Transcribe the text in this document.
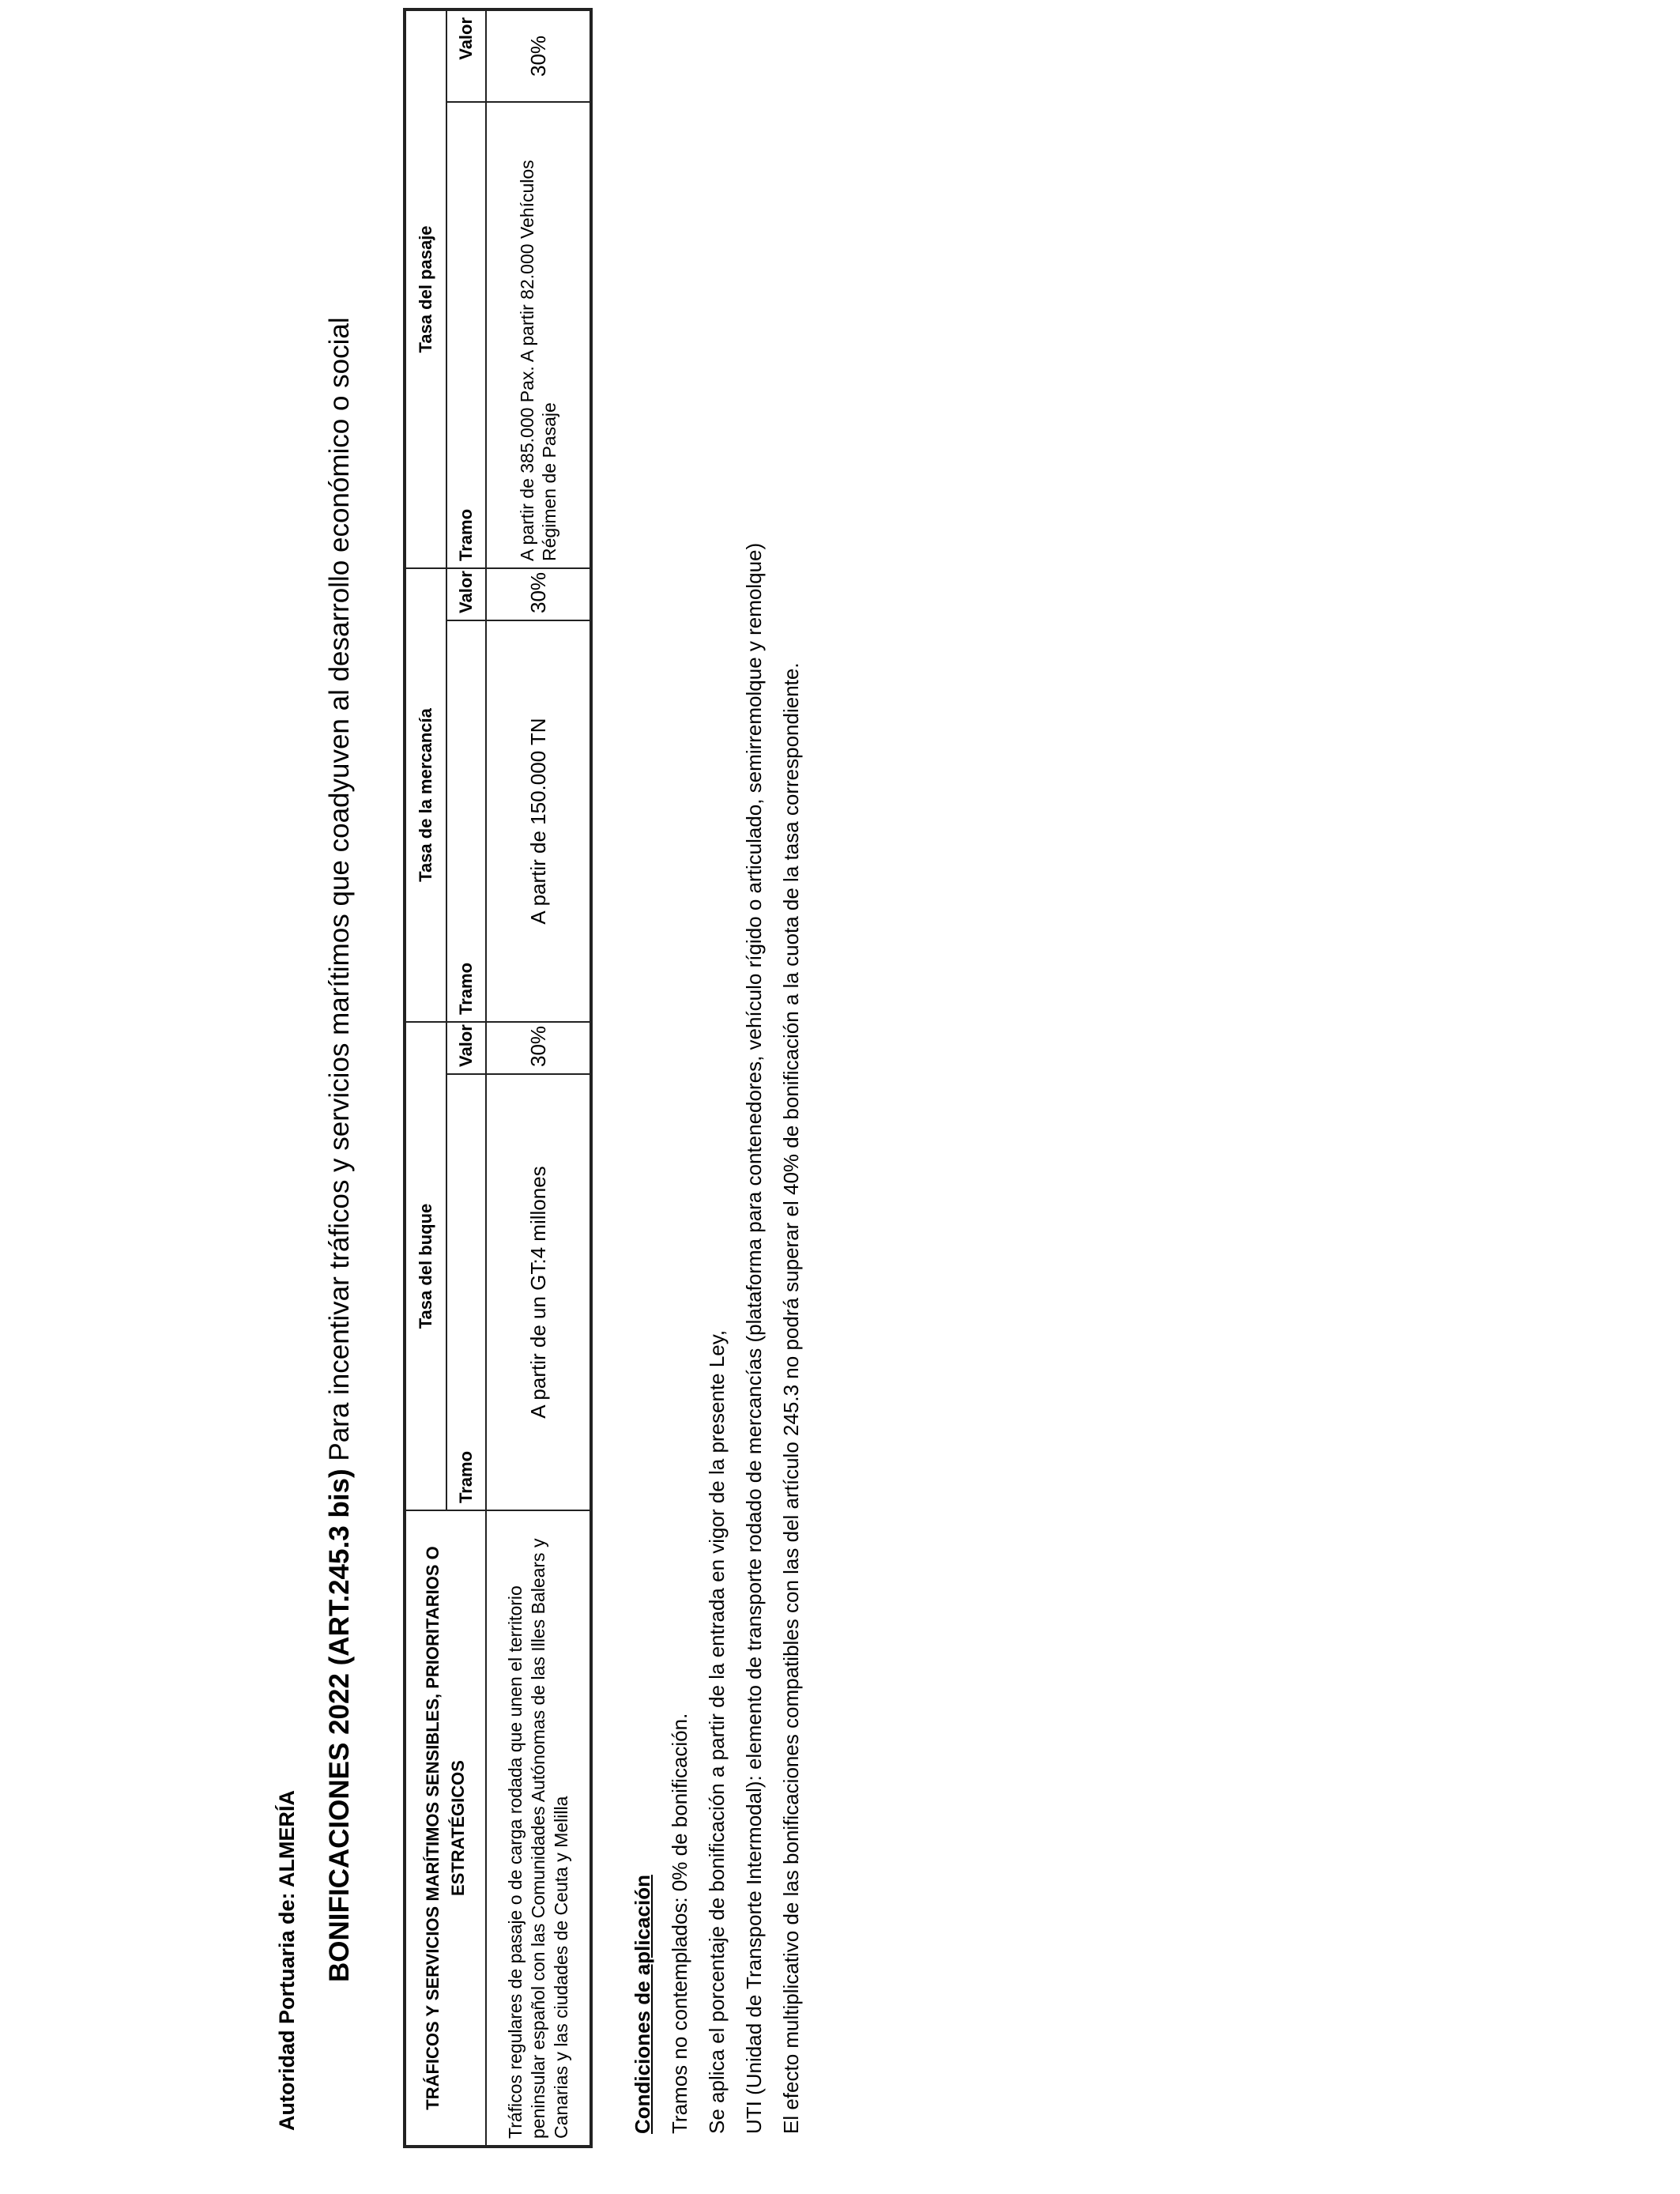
Autoridad Portuaria de: ALMERÍA BONIFICACIONES 2022 (ART.245.3 bis) Para incentivar tráficos y servicios marítimos que coadyuven al desarrollo económico o social
TRÁFICOS Y SERVICIOS MARÍTIMOS SENSIBLES, PRIORITARIOS O ESTRATÉGICOS	Tasa del buque		Tasa de la mercancía		Tasa del pasaje	
	Tramo	Valor	Tramo	Valor	Tramo	Valor
Tráficos regulares de pasaje o de carga rodada que unen el territorio peninsular español con las Comunidades Autónomas de las Illes Balears y Canarias y las ciudades de Ceuta y Melilla	A partir de un GT:4 millones	30%	A partir de 150.000 TN	30%	A partir de 385.000 Pax. A partir 82.000 Vehículos Régimen de Pasaje	30%
Condiciones de aplicación Tramos no contemplados: 0% de bonificación. Se aplica el porcentaje de bonificación a partir de la entrada en vigor de la presente Ley, UTI (Unidad de Transporte Intermodal): elemento de transporte rodado de mercancías (plataforma para contenedores, vehículo rígido o articulado, semirremolque y remolque) El efecto multiplicativo de las bonificaciones compatibles con las del artículo 245.3 no podrá superar el 40% de bonificación a la cuota de la tasa correspondiente.
